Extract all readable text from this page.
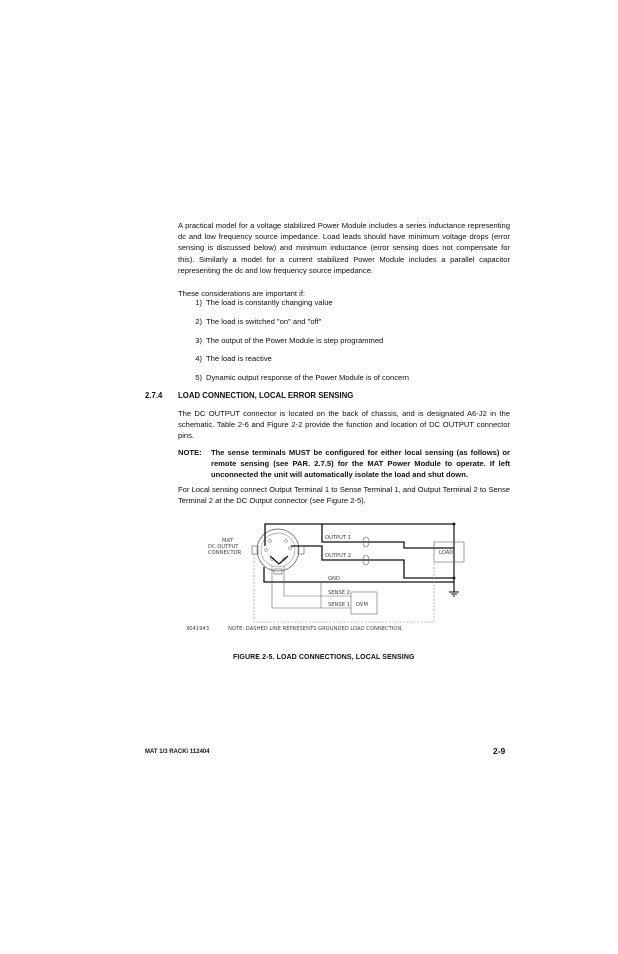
A practical model for a voltage stabilized Power Module includes a series inductance representing dc and low frequency source impedance. Load leads should have minimum voltage drops (error sensing is discussed below) and minimum inductance (error sensing does not compensate for this). Similarly a model for a current stabilized Power Module includes a parallel capacitor representing the dc and low frequency source impedance.
These considerations are important if:
1) The load is constantly changing value
2) The load is switched "on" and "off"
3) The output of the Power Module is step programmed
4) The load is reactive
5) Dynamic output response of the Power Module is of concern
2.7.4 LOAD CONNECTION, LOCAL ERROR SENSING
The DC OUTPUT connector is located on the back of chassis, and is designated A6-J2 in the schematic. Table 2-6 and Figure 2-2 provide the function and location of DC OUTPUT connector pins.
NOTE: The sense terminals MUST be configured for either local sensing (as follows) or remote sensing (see PAR. 2.7.5) for the MAT Power Module to operate. If left unconnected the unit will automatically isolate the load and shut down.
For Local sensing connect Output Terminal 1 to Sense Terminal 1, and Output Terminal 2 to Sense Terminal 2 at the DC Output connector (see Figure 2-5).
MAT
DC OUTPUT
CONNECTOR
OUTPUT 1
OUTPUT 2	LOAD
GND
SENSE 2
SENSE 1 DVM
3041943	NOTE: DASHED LINE REPRESENTS GROUNDED LOAD CONNECTION.
FIGURE 2-5. LOAD CONNECTIONS, LOCAL SENSING
MAT 1/3 RACK\ 112404	2-9
